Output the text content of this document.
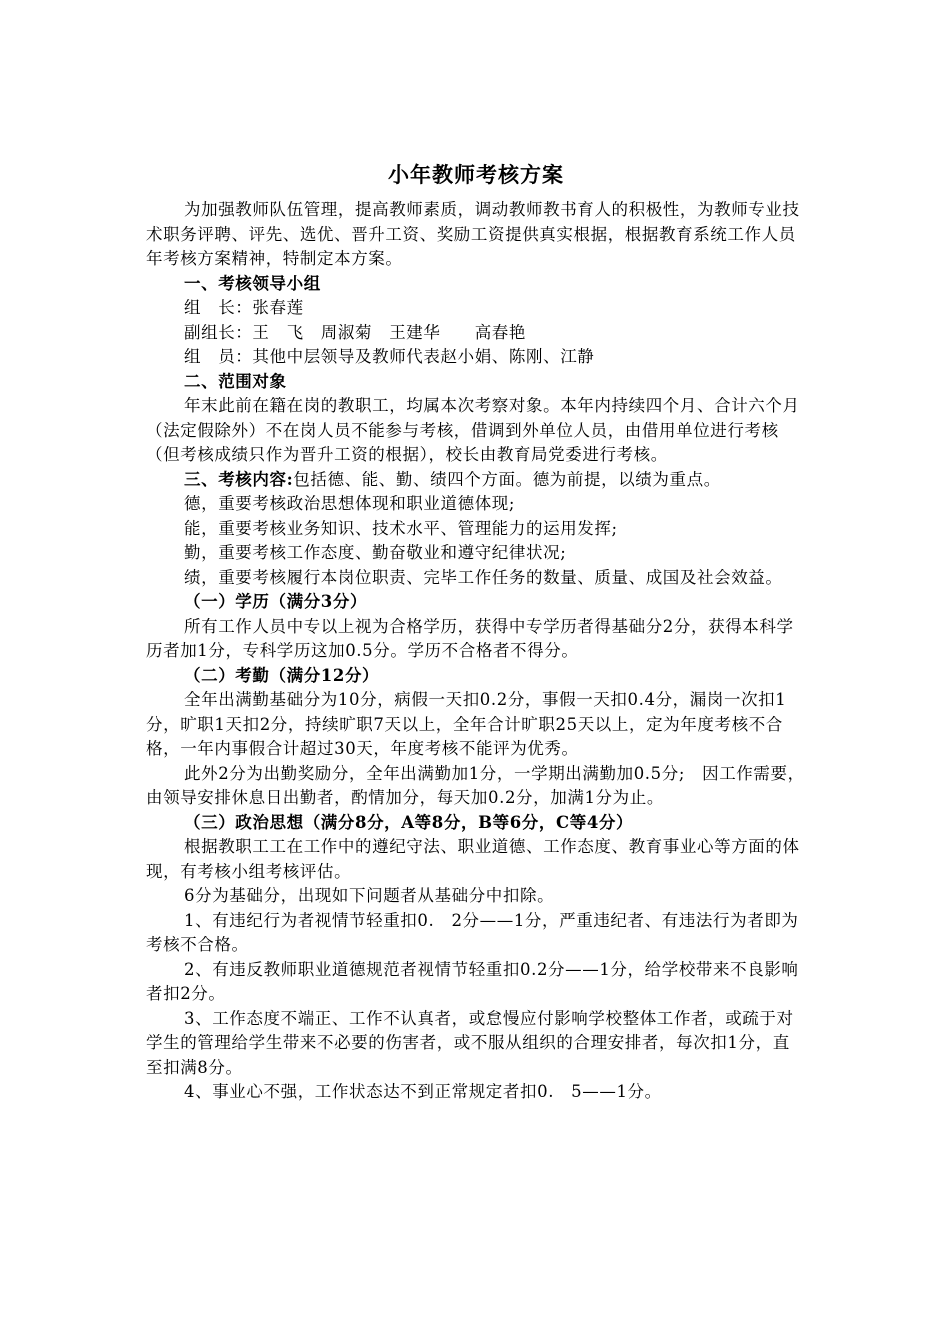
小年教师考核方案

为加强教师队伍管理，提高教师素质，调动教师教书育人的积极性，为教师专业技术职务评聘、评先、选优、晋升工资、奖励工资提供真实根据，根据教育系统工作人员年考核方案精神，特制定本方案。

一、考核领导小组

组　长：张春莲

副组长：王　飞　周淑菊　王建华　　高春艳

组　员：其他中层领导及教师代表赵小娟、陈刚、江静

二、范围对象

年末此前在籍在岗的教职工，均属本次考察对象。本年内持续四个月、合计六个月（法定假除外）不在岗人员不能参与考核，借调到外单位人员，由借用单位进行考核（但考核成绩只作为晋升工资的根据），校长由教育局党委进行考核。

三、考核内容:包括德、能、勤、绩四个方面。德为前提，以绩为重点。

德，重要考核政治思想体现和职业道德体现;

能，重要考核业务知识、技术水平、管理能力的运用发挥;

勤，重要考核工作态度、勤奋敬业和遵守纪律状况;

绩，重要考核履行本岗位职责、完毕工作任务的数量、质量、成国及社会效益。

（一）学历（满分3分）

所有工作人员中专以上视为合格学历，获得中专学历者得基础分2分，获得本科学历者加1分，专科学历这加0.5分。学历不合格者不得分。

（二）考勤（满分12分）

全年出满勤基础分为10分，病假一天扣0.2分，事假一天扣0.4分，漏岗一次扣1分，旷职1天扣2分，持续旷职7天以上，全年合计旷职25天以上，定为年度考核不合格，一年内事假合计超过30天，年度考核不能评为优秀。

此外2分为出勤奖励分，全年出满勤加1分，一学期出满勤加0.5分;　因工作需要，由领导安排休息日出勤者，酌情加分，每天加0.2分，加满1分为止。

（三）政治思想（满分8分，A等8分，B等6分，C等4分）

根据教职工工在工作中的遵纪守法、职业道德、工作态度、教育事业心等方面的体现，有考核小组考核评估。

6分为基础分，出现如下问题者从基础分中扣除。

1、有违纪行为者视情节轻重扣0.　2分——1分，严重违纪者、有违法行为者即为考核不合格。

2、有违反教师职业道德规范者视情节轻重扣0.2分——1分，给学校带来不良影响者扣2分。

3、工作态度不端正、工作不认真者，或怠慢应付影响学校整体工作者，或疏于对学生的管理给学生带来不必要的伤害者，或不服从组织的合理安排者，每次扣1分，直至扣满8分。

4、事业心不强，工作状态达不到正常规定者扣0.　5——1分。
